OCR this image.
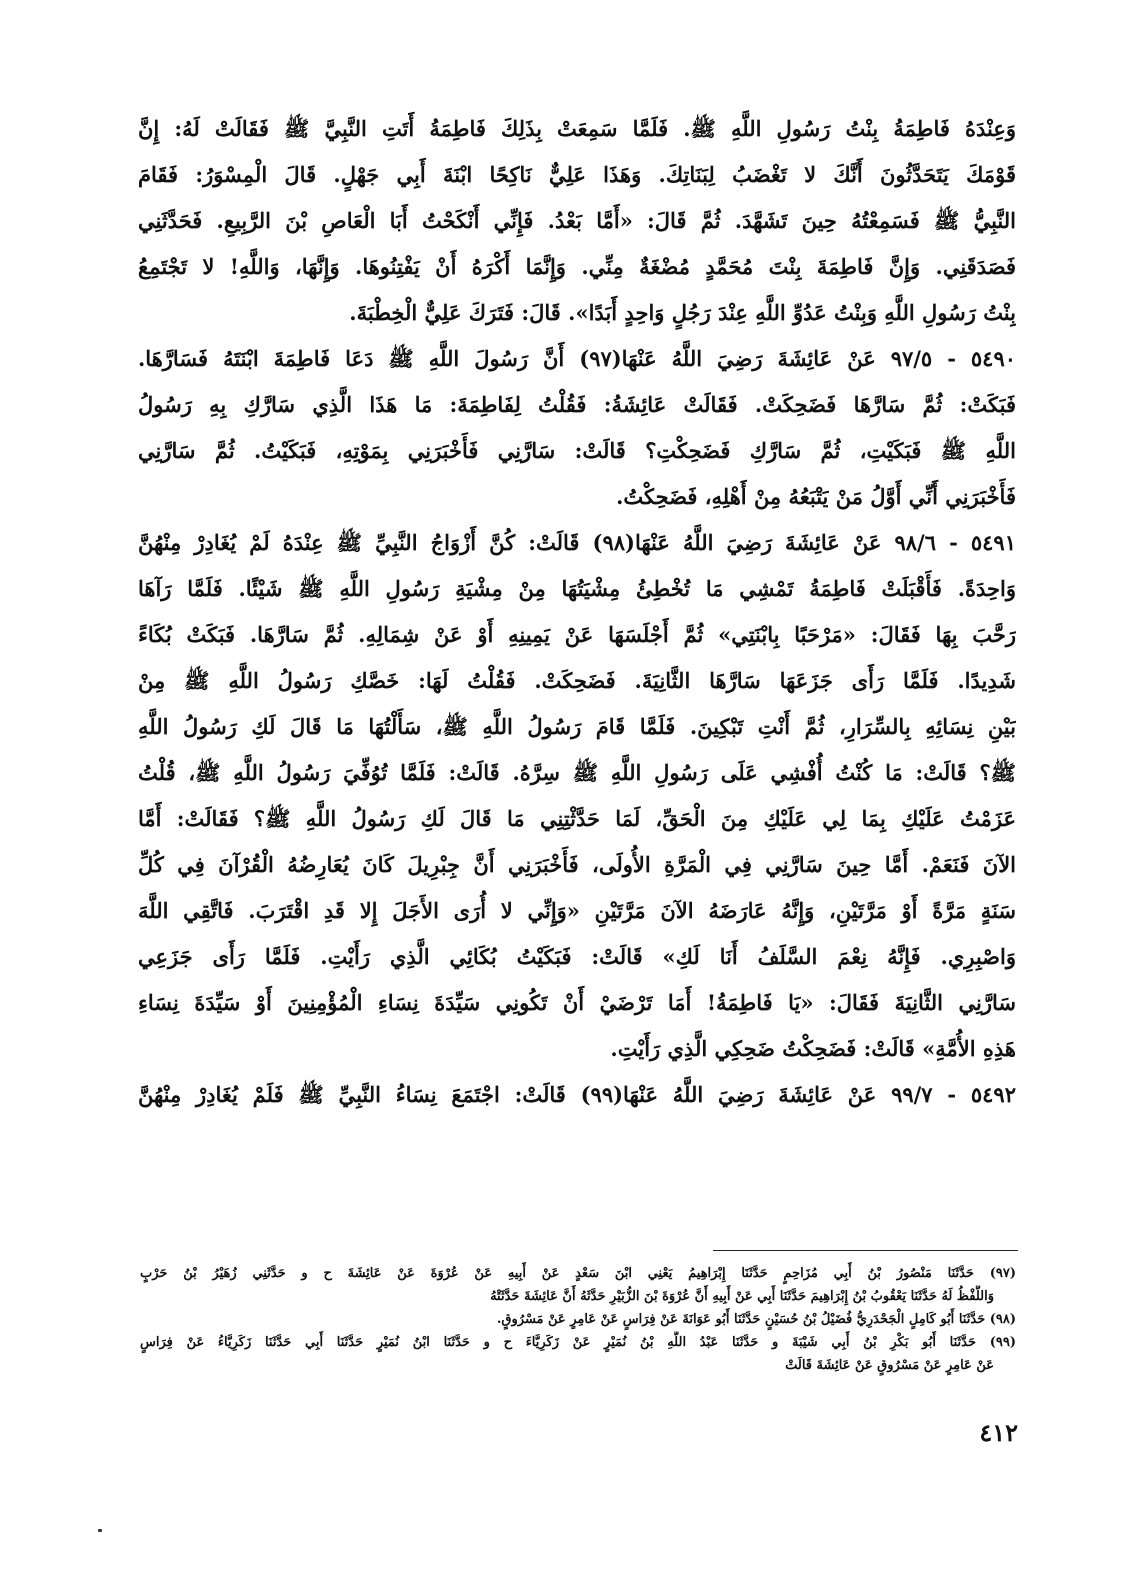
وَعِنْدَهُ فَاطِمَةُ بِنْتُ رَسُولِ اللَّهِ ﷺ. فَلَمَّا سَمِعَتْ بِذَلِكَ فَاطِمَةُ أَتَتِ النَّبِيَّ ﷺ فَقَالَتْ لَهُ: إِنَّ
قَوْمَكَ يَتَحَدَّثُونَ أَنَّكَ لا تَغْضَبُ لِبَنَاتِكَ. وَهَذَا عَلِيٌّ نَاكِحًا ابْنَةَ أَبِي جَهْلٍ. قَالَ الْمِسْوَرُ: فَقَامَ
النَّبِيُّ ﷺ فَسَمِعْتُهُ حِينَ تَشَهَّدَ. ثُمَّ قَالَ: «أَمَّا بَعْدُ. فَإِنِّي أَنْكَحْتُ أَبَا الْعَاصِ بْنَ الرَّبِيعِ. فَحَدَّثَنِي
فَصَدَقَنِي. وَإِنَّ فَاطِمَةَ بِنْتَ مُحَمَّدٍ مُضْغَةٌ مِنِّي. وَإِنَّمَا أَكْرَهُ أَنْ يَفْتِنُوهَا. وَإِنَّهَا، وَاللَّهِ! لا تَجْتَمِعُ
بِنْتُ رَسُولِ اللَّهِ وَبِنْتُ عَدُوِّ اللَّهِ عِنْدَ رَجُلٍ وَاحِدٍ أَبَدًا». قَالَ: فَتَرَكَ عَلِيٌّ الْخِطْبَةَ.
٥٤٩٠ - ٩٧/٥ عَنْ عَائِشَةَ رَضِيَ اللَّهُ عَنْهَا(٩٧) أَنَّ رَسُولَ اللَّهِ ﷺ دَعَا فَاطِمَةَ ابْنَتَهُ فَسَارَّهَا.
فَبَكَتْ: ثُمَّ سَارَّهَا فَضَحِكَتْ. فَقَالَتْ عَائِشَةُ: فَقُلْتُ لِفَاطِمَةَ: مَا هَذَا الَّذِي سَارَّكِ بِهِ رَسُولُ
اللَّهِ ﷺ فَبَكَيْتِ، ثُمَّ سَارَّكِ فَضَحِكْتِ؟ قَالَتْ: سَارَّنِي فَأَخْبَرَنِي بِمَوْتِهِ، فَبَكَيْتُ. ثُمَّ سَارَّنِي
فَأَخْبَرَنِي أَنِّي أَوَّلُ مَنْ يَتْبَعُهُ مِنْ أَهْلِهِ، فَضَحِكْتُ.
٥٤٩١ - ٩٨/٦ عَنْ عَائِشَةَ رَضِيَ اللَّهُ عَنْهَا(٩٨) قَالَتْ: كُنَّ أَزْوَاجُ النَّبِيِّ ﷺ عِنْدَهُ لَمْ يُغَادِرْ مِنْهُنَّ
وَاحِدَةً. فَأَقْبَلَتْ فَاطِمَةُ تَمْشِي مَا تُخْطِئُ مِشْيَتُهَا مِنْ مِشْيَةِ رَسُولِ اللَّهِ ﷺ شَيْئًا. فَلَمَّا رَآهَا
رَحَّبَ بِهَا فَقَالَ: «مَرْحَبًا بِابْنَتِي» ثُمَّ أَجْلَسَهَا عَنْ يَمِينِهِ أَوْ عَنْ شِمَالِهِ. ثُمَّ سَارَّهَا. فَبَكَتْ بُكَاءً
شَدِيدًا. فَلَمَّا رَأَى جَزَعَهَا سَارَّهَا الثَّانِيَةَ. فَضَحِكَتْ. فَقُلْتُ لَهَا: خَصَّكِ رَسُولُ اللَّهِ ﷺ مِنْ
بَيْنِ نِسَائِهِ بِالسِّرَارِ، ثُمَّ أَنْتِ تَبْكِينَ. فَلَمَّا قَامَ رَسُولُ اللَّهِ ﷺ، سَأَلْتُهَا مَا قَالَ لَكِ رَسُولُ اللَّهِ
ﷺ؟ قَالَتْ: مَا كُنْتُ أُفْشِي عَلَى رَسُولِ اللَّهِ ﷺ سِرَّهُ. قَالَتْ: فَلَمَّا تُوُفِّيَ رَسُولُ اللَّهِ ﷺ، قُلْتُ
عَزَمْتُ عَلَيْكِ بِمَا لِي عَلَيْكِ مِنَ الْحَقِّ، لَمَا حَدَّثْتِنِي مَا قَالَ لَكِ رَسُولُ اللَّهِ ﷺ؟ فَقَالَتْ: أَمَّا
الآنَ فَنَعَمْ. أَمَّا حِينَ سَارَّنِي فِي الْمَرَّةِ الأُولَى، فَأَخْبَرَنِي أَنَّ جِبْرِيلَ كَانَ يُعَارِضُهُ الْقُرْآنَ فِي كُلِّ
سَنَةٍ مَرَّةً أَوْ مَرَّتَيْنِ، وَإِنَّهُ عَارَضَهُ الآنَ مَرَّتَيْنِ «وَإِنِّي لا أُرَى الأَجَلَ إِلا قَدِ اقْتَرَبَ. فَاتَّقِي اللَّهَ
وَاصْبِرِي. فَإِنَّهُ نِعْمَ السَّلَفُ أَنَا لَكِ» قَالَتْ: فَبَكَيْتُ بُكَائِي الَّذِي رَأَيْتِ. فَلَمَّا رَأَى جَزَعِي
سَارَّنِي الثَّانِيَةَ فَقَالَ: «يَا فَاطِمَةُ! أَمَا تَرْضَيْ أَنْ تَكُونِي سَيِّدَةَ نِسَاءِ الْمُؤْمِنِينَ أَوْ سَيِّدَةَ نِسَاءِ
هَذِهِ الأُمَّةِ» قَالَتْ: فَضَحِكْتُ ضَحِكِي الَّذِي رَأَيْتِ.
٥٤٩٢ - ٩٩/٧ عَنْ عَائِشَةَ رَضِيَ اللَّهُ عَنْهَا(٩٩) قَالَتْ: اجْتَمَعَ نِسَاءُ النَّبِيِّ ﷺ فَلَمْ يُغَادِرْ مِنْهُنَّ
(٩٧) حَدَّثَنَا مَنْصُورُ بْنُ أَبِي مُزَاحِمٍ حَدَّثَنَا إِبْرَاهِيمُ يَعْنِي ابْنَ سَعْدٍ عَنْ أَبِيهِ عَنْ عُرْوَةَ عَنْ عَائِشَةَ ح و حَدَّثَنِي زُهَيْرُ بْنُ حَرْبٍ
وَاللَّفْظُ لَهُ حَدَّثَنَا يَعْقُوبُ بْنُ إِبْرَاهِيمَ حَدَّثَنَا أَبِي عَنْ أَبِيهِ أَنَّ عُرْوَةَ بْنَ الزُّبَيْرِ حَدَّثَهُ أَنَّ عَائِشَةَ حَدَّثَتْهُ
(٩٨) حَدَّثَنَا أَبُو كَامِلٍ الْجَحْدَرِيُّ فُضَيْلُ بْنُ حُسَيْنٍ حَدَّثَنَا أَبُو عَوَانَةَ عَنْ فِرَاسٍ عَنْ عَامِرٍ عَنْ مَسْرُوقٍ.
(٩٩) حَدَّثَنَا أَبُو بَكْرِ بْنُ أَبِي شَيْبَةَ و حَدَّثَنَا عَبْدُ اللَّهِ بْنُ نُمَيْرٍ عَنْ زَكَرِيَّاءَ ح و حَدَّثَنَا ابْنُ نُمَيْرٍ حَدَّثَنَا أَبِي حَدَّثَنَا زَكَرِيَّاءُ عَنْ فِرَاسٍ
عَنْ عَامِرٍ عَنْ مَسْرُوقٍ عَنْ عَائِشَةَ قَالَتْ
٤١٢
